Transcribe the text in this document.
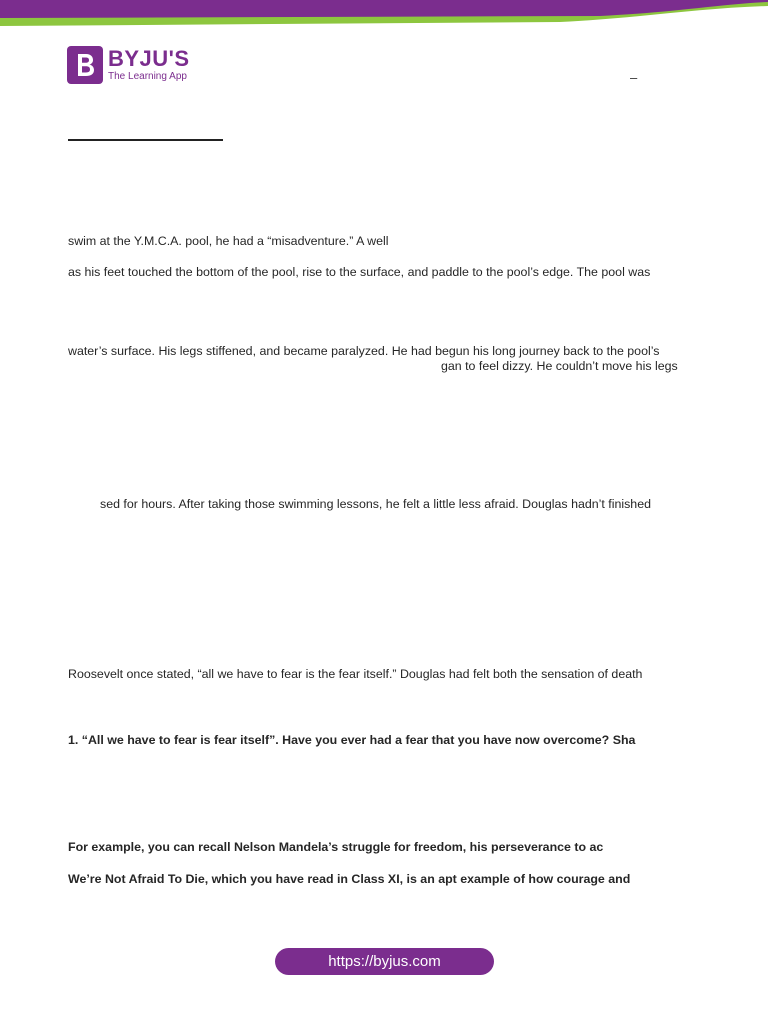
BYJU'S
The Learning App	–
swim at the Y.M.C.A. pool, he had a “misadventure.” A well
as his feet touched the bottom of the pool, rise to the surface, and paddle to the pool’s edge. The pool was
water’s surface. His legs stiffened, and became paralyzed. He had begun his long journey back to the pool’s
gan to feel dizzy. He couldn’t move his legs
sed for hours. After taking those swimming lessons, he felt a little less afraid. Douglas hadn’t finished
Roosevelt once stated, “all we have to fear is the fear itself.” Douglas had felt both the sensation of death
1. “All we have to fear is fear itself”. Have you ever had a fear that you have now overcome? Sha
For example, you can recall Nelson Mandela’s struggle for freedom, his perseverance to ac
We’re Not Afraid To Die, which you have read in Class XI, is an apt example of how courage and
https://byjus.com
